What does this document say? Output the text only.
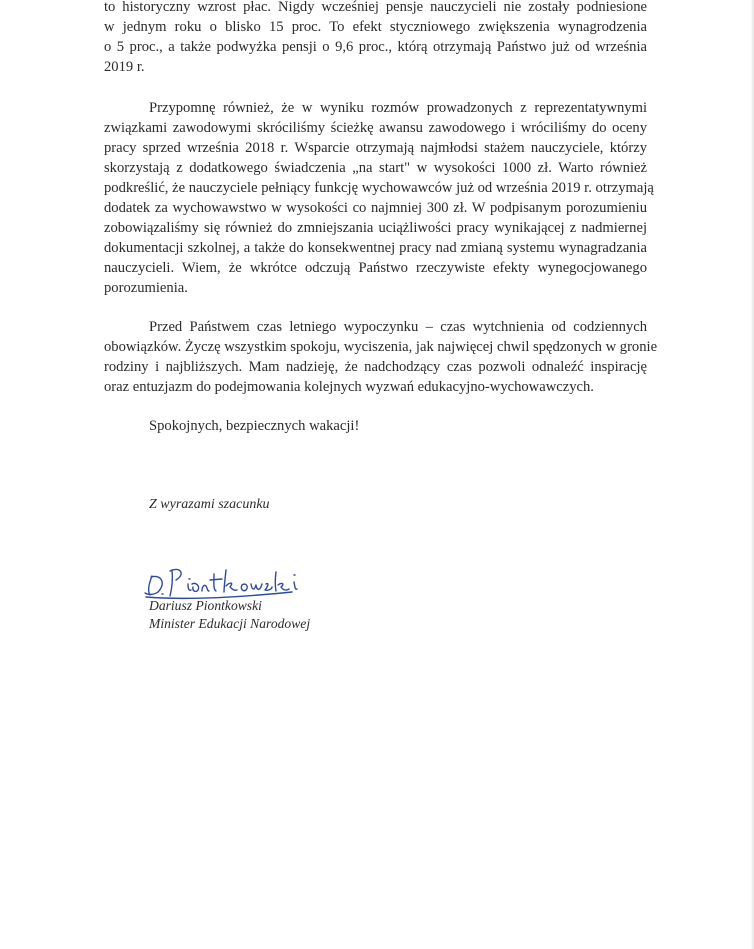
to historyczny wzrost płac. Nigdy wcześniej pensje nauczycieli nie zostały podniesione
w jednym roku o blisko 15 proc. To efekt styczniowego zwiększenia wynagrodzenia
o 5 proc., a także podwyżka pensji o 9,6 proc., którą otrzymają Państwo już od września
2019 r.
Przypomnę również, że w wyniku rozmów prowadzonych z reprezentatywnymi
związkami zawodowymi skróciliśmy ścieżkę awansu zawodowego i wróciliśmy do oceny
pracy sprzed września 2018 r. Wsparcie otrzymają najmłodsi stażem nauczyciele, którzy
skorzystają z dodatkowego świadczenia „na start" w wysokości 1000 zł. Warto również
podkreślić, że nauczyciele pełniący funkcję wychowawców już od września 2019 r. otrzymają
dodatek za wychowawstwo w wysokości co najmniej 300 zł. W podpisanym porozumieniu
zobowiązaliśmy się również do zmniejszania uciążliwości pracy wynikającej z nadmiernej
dokumentacji szkolnej, a także do konsekwentnej pracy nad zmianą systemu wynagradzania
nauczycieli. Wiem, że wkrótce odczują Państwo rzeczywiste efekty wynegocjowanego
porozumienia.
Przed Państwem czas letniego wypoczynku – czas wytchnienia od codziennych
obowiązków. Życzę wszystkim spokoju, wyciszenia, jak najwięcej chwil spędzonych w gronie
rodziny i najbliższych. Mam nadzieję, że nadchodzący czas pozwoli odnaleźć inspirację
oraz entuzjazm do podejmowania kolejnych wyzwań edukacyjno-wychowawczych.

Spokojnych, bezpiecznych wakacji!

Z wyrazami szacunku

Dariusz Piontkowski
Minister Edukacji Narodowej
